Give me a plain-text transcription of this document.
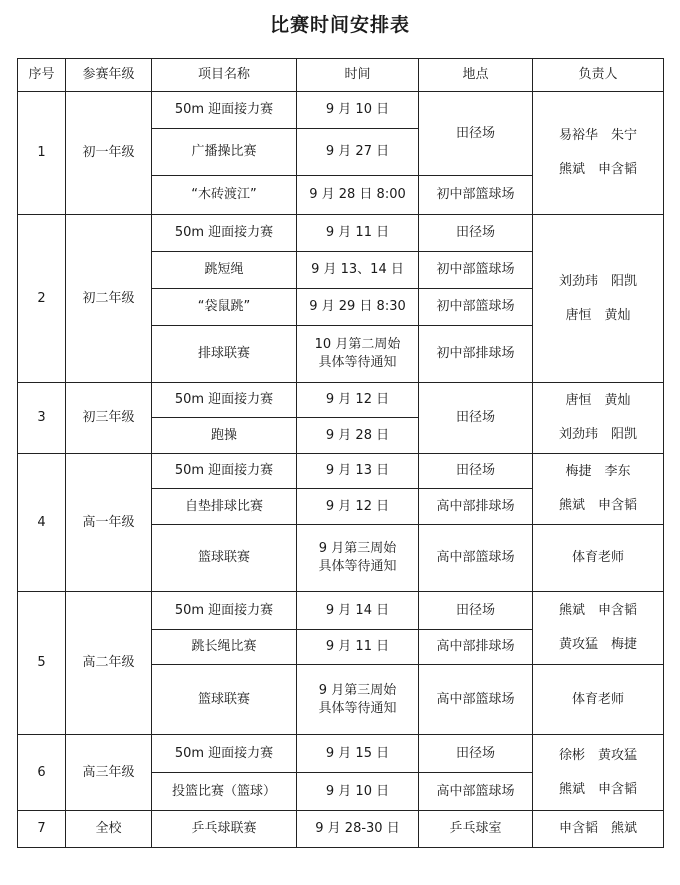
比赛时间安排表
序号	参赛年级	项目名称	时间	地点	负责人
1	初一年级	50m 迎面接力赛	9 月 10 日	田径场	易裕华  朱宁
熊斌  申含韬

		广播操比赛	9 月 27 日		
		“木砖渡江”	9 月 28 日 8:00	初中部篮球场	
2	初二年级	50m 迎面接力赛	9 月 11 日	田径场	刘劲玮  阳凯
唐恒  黄灿

		跳短绳	9 月 13、14 日	初中部篮球场	
		“袋鼠跳”	9 月 29 日 8:30	初中部篮球场	
		排球联赛	10 月第二周始
具体等待通知	初中部排球场	
3	初三年级	50m 迎面接力赛	9 月 12 日	田径场	唐恒  黄灿
刘劲玮  阳凯

		跑操	9 月 28 日		
4	高一年级	50m 迎面接力赛	9 月 13 日	田径场	梅捷  李东
熊斌  申含韬

		自垫排球比赛	9 月 12 日	高中部排球场	
		篮球联赛	9 月第三周始
具体等待通知	高中部篮球场	体育老师
5	高二年级	50m 迎面接力赛	9 月 14 日	田径场	熊斌  申含韬
黄攻猛  梅捷

		跳长绳比赛	9 月 11 日	高中部排球场	
		篮球联赛	9 月第三周始
具体等待通知	高中部篮球场	体育老师
6	高三年级	50m 迎面接力赛	9 月 15 日	田径场	徐彬  黄攻猛
熊斌  申含韬

		投篮比赛（篮球）	9 月 10 日	高中部篮球场	
7	全校	乒乓球联赛	9 月 28-30 日	乒乓球室	申含韬  熊斌
